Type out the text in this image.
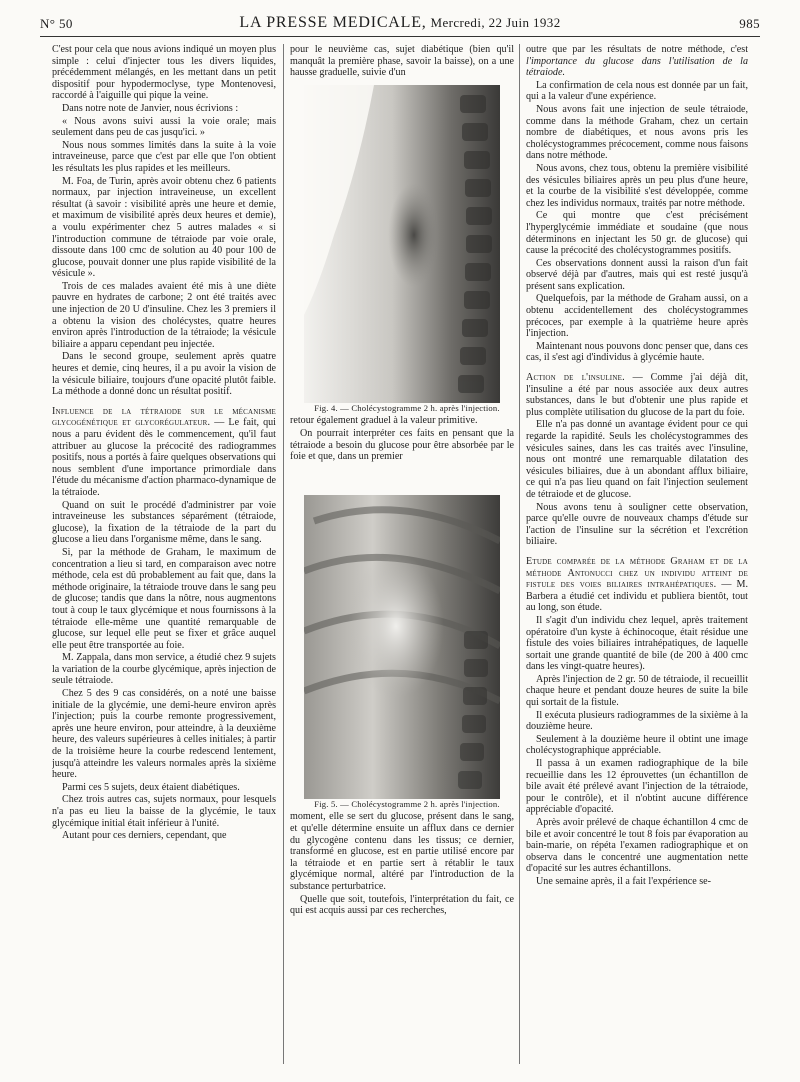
N° 50	LA PRESSE MEDICALE, Mercredi, 22 Juin 1932	985

C'est pour cela que nous avions indiqué un moyen plus simple : celui d'injecter tous les divers liquides, précédemment mélangés, en les mettant dans un petit dispositif pour hypodermoclyse, type Montenovesi, raccordé à l'aiguille qui pique la veine.

Dans notre note de Janvier, nous écrivions :

« Nous avons suivi aussi la voie orale; mais seulement dans peu de cas jusqu'ici. »

Nous nous sommes limités dans la suite à la voie intraveineuse, parce que c'est par elle que l'on obtient les résultats les plus rapides et les meilleurs.

M. Foa, de Turin, après avoir obtenu chez 6 patients normaux, par injection intraveineuse, un excellent résultat (à savoir : visibilité après une heure et demie, et maximum de visibilité après deux heures et demie), a voulu expérimenter chez 5 autres malades « si l'introduction commune de tétraiode par voie orale, dissoute dans 100 cmc de solution au 40 pour 100 de glucose, pouvait donner une plus rapide visibilité de la vésicule ».

Trois de ces malades avaient été mis à une diète pauvre en hydrates de carbone; 2 ont été traités avec une injection de 20 U d'insuline. Chez les 3 premiers il a obtenu la vision des cholécystes, quatre heures environ après l'introduction de la tétraiode; la vésicule biliaire a apparu cependant peu injectée.

Dans le second groupe, seulement après quatre heures et demie, cinq heures, il a pu avoir la vision de la vésicule biliaire, toujours d'une opacité plutôt faible. La méthode a donné donc un résultat positif.

Influence de la tétraiode sur le mécanisme glycogénétique et glycorégulateur. — Le fait, qui nous a paru évident dès le commencement, qu'il faut attribuer au glucose la précocité des radiogrammes positifs, nous a portés à faire quelques observations qui nous semblent d'une importance primordiale dans l'étude du mécanisme d'action pharmaco-dynamique de la tétraiode.

Quand on suit le procédé d'administrer par voie intraveineuse les substances séparément (tétraiode, glucose), la fixation de la tétraiode de la part du glucose a lieu dans l'organisme même, dans le sang.

Si, par la méthode de Graham, le maximum de concentration a lieu si tard, en comparaison avec notre méthode, cela est dû probablement au fait que, dans la méthode originaire, la tétraiode trouve dans le sang peu de glucose; tandis que dans la nôtre, nous augmentons tout à coup le taux glycémique et nous fournissons à la tétraiode elle-même une quantité remarquable de glucose, sur lequel elle peut se fixer et grâce auquel elle peut être transportée au foie.

M. Zappala, dans mon service, a étudié chez 9 sujets la variation de la courbe glycémique, après injection de seule tétraiode.

Chez 5 des 9 cas considérés, on a noté une baisse initiale de la glycémie, une demi-heure environ après l'injection; puis la courbe remonte progressivement, après une heure environ, pour atteindre, à la deuxième heure, des valeurs supérieures à celles initiales; à partir de la troisième heure la courbe redescend lentement, jusqu'à atteindre les valeurs normales après la sixième heure.

Parmi ces 5 sujets, deux étaient diabétiques.

Chez trois autres cas, sujets normaux, pour lesquels n'a pas eu lieu la baisse de la glycémie, le taux glycémique initial était inférieur à l'unité.

Autant pour ces derniers, cependant, que

pour le neuvième cas, sujet diabétique (bien qu'il manquât la première phase, savoir la baisse), on a une hausse graduelle, suivie d'un

Fig. 4. — Cholécystogramme 2 h. après l'injection.

retour également graduel à la valeur primitive.

On pourrait interpréter ces faits en pensant que la tétraiode a besoin du glucose pour être absorbée par le foie et que, dans un premier

Fig. 5. — Cholécystogramme 2 h. après l'injection.

moment, elle se sert du glucose, présent dans le sang, et qu'elle détermine ensuite un afflux dans ce dernier du glycogène contenu dans les tissus; ce dernier, transformé en glucose, est en partie utilisé encore par la tétraiode et en partie sert à rétablir le taux glycémique normal, altéré par l'introduction de la substance perturbatrice.

Quelle que soit, toutefois, l'interprétation du fait, ce qui est acquis aussi par ces recherches,

outre que par les résultats de notre méthode, c'est l'importance du glucose dans l'utilisation de la tétraiode.

La confirmation de cela nous est donnée par un fait, qui a la valeur d'une expérience.

Nous avons fait une injection de seule tétraiode, comme dans la méthode Graham, chez un certain nombre de diabétiques, et nous avons pris les cholécystogrammes précocement, comme nous faisons dans notre méthode.

Nous avons, chez tous, obtenu la première visibilité des vésicules biliaires après un peu plus d'une heure, et la courbe de la visibilité s'est développée, comme chez les individus normaux, traités par notre méthode.

Ce qui montre que c'est précisément l'hyperglycémie immédiate et soudaine (que nous déterminons en injectant les 50 gr. de glucose) qui cause la précocité des cholécystogrammes positifs.

Ces observations donnent aussi la raison d'un fait observé déjà par d'autres, mais qui est resté jusqu'à présent sans explication.

Quelquefois, par la méthode de Graham aussi, on a obtenu accidentellement des cholécystogrammes précoces, par exemple à la quatrième heure après l'injection.

Maintenant nous pouvons donc penser que, dans ces cas, il s'est agi d'individus à glycémie haute.

Action de l'insuline. — Comme j'ai déjà dit, l'insuline a été par nous associée aux deux autres substances, dans le but d'obtenir une plus rapide et plus complète utilisation du glucose de la part du foie.

Elle n'a pas donné un avantage évident pour ce qui regarde la rapidité. Seuls les cholécystogrammes des vésicules saines, dans les cas traités avec l'insuline, nous ont montré une remarquable dilatation des vésicules biliaires, due à un abondant afflux biliaire, ce qui n'a pas lieu quand on fait l'injection seulement de tétraiode et de glucose.

Nous avons tenu à souligner cette observation, parce qu'elle ouvre de nouveaux champs d'étude sur l'action de l'insuline sur la sécrétion et l'excrétion biliaire.

Etude comparée de la méthode Graham et de la méthode Antonucci chez un individu atteint de fistule des voies biliaires intrahépatiques. — M. Barbera a étudié cet individu et publiera bientôt, tout au long, son étude.

Il s'agit d'un individu chez lequel, après traitement opératoire d'un kyste à échinocoque, était résidue une fistule des voies biliaires intrahépatiques, de laquelle sortait une grande quantité de bile (de 200 à 400 cmc dans les vingt-quatre heures).

Après l'injection de 2 gr. 50 de tétraiode, il recueillit chaque heure et pendant douze heures de suite la bile qui sortait de la fistule.

Il exécuta plusieurs radiogrammes de la sixième à la douzième heure.

Seulement à la douzième heure il obtint une image cholécystographique appréciable.

Il passa à un examen radiographique de la bile recueillie dans les 12 éprouvettes (un échantillon de bile avait été prélevé avant l'injection de la tétraiode, pour le contrôle), et il n'obtint aucune différence appréciable d'opacité.

Après avoir prélevé de chaque échantillon 4 cmc de bile et avoir concentré le tout 8 fois par évaporation au bain-marie, on répéta l'examen radiographique et on observa dans le concentré une augmentation nette d'opacité sur les autres échantillons.

Une semaine après, il a fait l'expérience se-
